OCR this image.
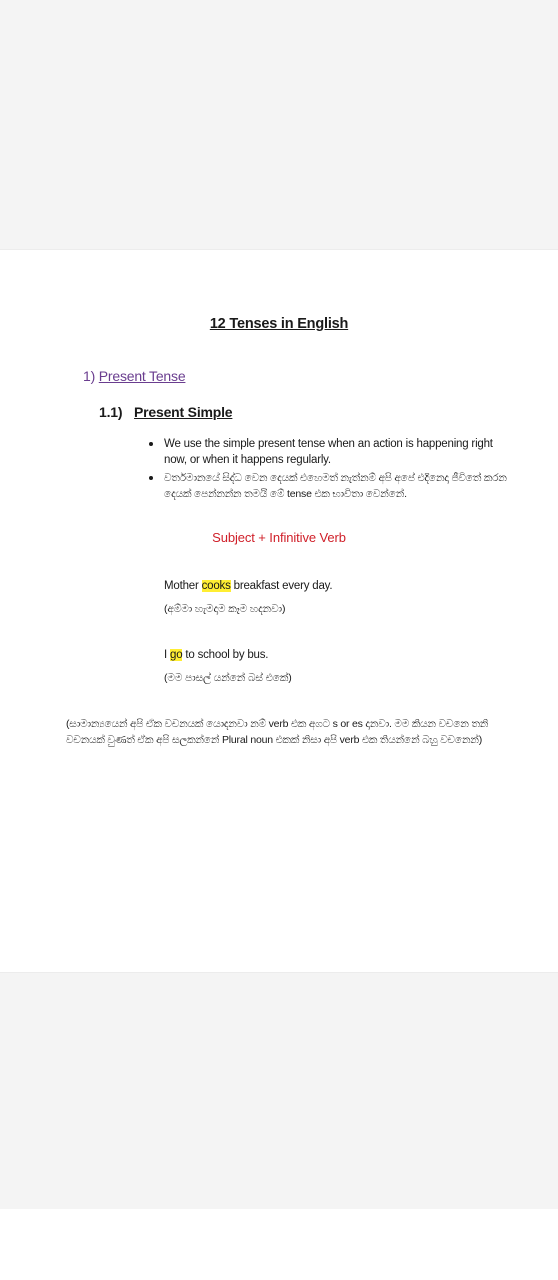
12 Tenses in English
1) Present Tense
1.1) Present Simple
We use the simple present tense when an action is happening right now, or when it happens regularly.
වර්තමානයේ සිද්ධ වෙන දෙයක් එහෙමත් නැත්නම් අපි අපේ එදිනෙදා ජීවිතේ කරන දෙයක් පෙන්නන්න තමයි මේ tense එක භාවිතා වෙන්නේ.
Subject + Infinitive Verb
Mother cooks breakfast every day.
(අම්මා හැමදාම කෑම හදනවා)
I go to school by bus.
(මම පාසල් යන්නේ බස් එකේ)
(සාමාන්‍යයෙන් අපි ඒක වචනයක් යොදනවා නම් verb එක අගට s or es දානවා. මම කියන වචනෙ තනි වචනයක් වුණත් ඒක අපි සලකන්නේ Plural noun එකක් නිසා අපි verb එක තියන්නේ බහු වචනෙන්)
